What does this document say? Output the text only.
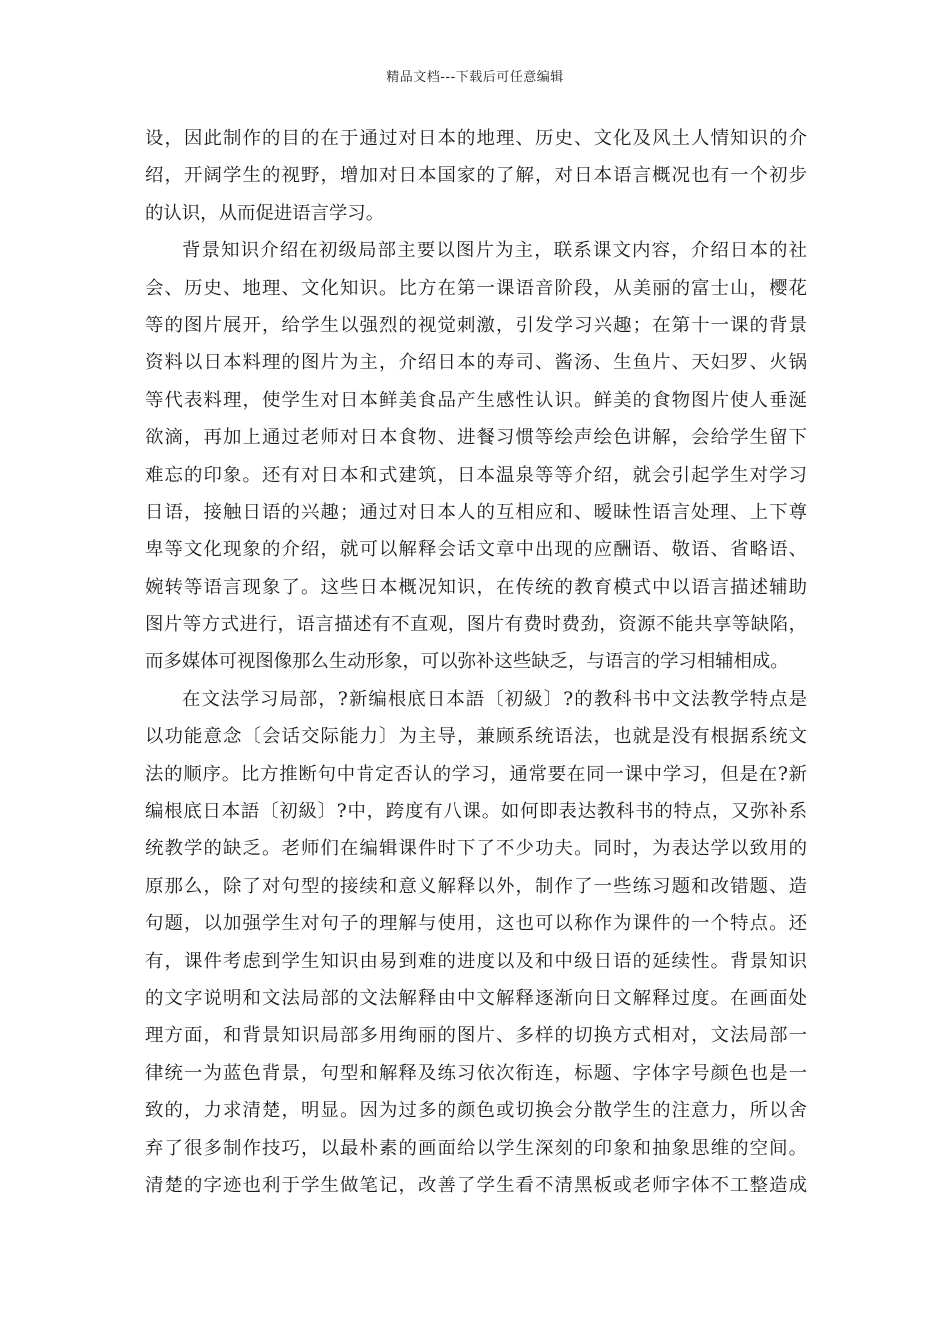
精品文档---下载后可任意编辑
设，因此制作的目的在于通过对日本的地理、历史、文化及风土人情知识的介
绍，开阔学生的视野，增加对日本国家的了解，对日本语言概况也有一个初步
的认识，从而促进语言学习。
背景知识介绍在初级局部主要以图片为主，联系课文内容，介绍日本的社
会、历史、地理、文化知识。比方在第一课语音阶段，从美丽的富士山，樱花
等的图片展开，给学生以强烈的视觉刺激，引发学习兴趣；在第十一课的背景
资料以日本料理的图片为主，介绍日本的寿司、酱汤、生鱼片、天妇罗、火锅
等代表料理，使学生对日本鲜美食品产生感性认识。鲜美的食物图片使人垂涎
欲滴，再加上通过老师对日本食物、进餐习惯等绘声绘色讲解，会给学生留下
难忘的印象。还有对日本和式建筑，日本温泉等等介绍，就会引起学生对学习
日语，接触日语的兴趣；通过对日本人的互相应和、暧昧性语言处理、上下尊
卑等文化现象的介绍，就可以解释会话文章中出现的应酬语、敬语、省略语、
婉转等语言现象了。这些日本概况知识，在传统的教育模式中以语言描述辅助
图片等方式进行，语言描述有不直观，图片有费时费劲，资源不能共享等缺陷，
而多媒体可视图像那么生动形象，可以弥补这些缺乏，与语言的学习相辅相成。
在文法学习局部，?新编根底日本語〔初級〕?的教科书中文法教学特点是
以功能意念〔会话交际能力〕为主导，兼顾系统语法，也就是没有根据系统文
法的顺序。比方推断句中肯定否认的学习，通常要在同一课中学习，但是在?新
编根底日本語〔初級〕?中，跨度有八课。如何即表达教科书的特点，又弥补系
统教学的缺乏。老师们在编辑课件时下了不少功夫。同时，为表达学以致用的
原那么，除了对句型的接续和意义解释以外，制作了一些练习题和改错题、造
句题，以加强学生对句子的理解与使用，这也可以称作为课件的一个特点。还
有，课件考虑到学生知识由易到难的进度以及和中级日语的延续性。背景知识
的文字说明和文法局部的文法解释由中文解释逐渐向日文解释过度。在画面处
理方面，和背景知识局部多用绚丽的图片、多样的切换方式相对，文法局部一
律统一为蓝色背景，句型和解释及练习依次衔连，标题、字体字号颜色也是一
致的，力求清楚，明显。因为过多的颜色或切换会分散学生的注意力，所以舍
弃了很多制作技巧，以最朴素的画面给以学生深刻的印象和抽象思维的空间。
清楚的字迹也利于学生做笔记，改善了学生看不清黑板或老师字体不工整造成
